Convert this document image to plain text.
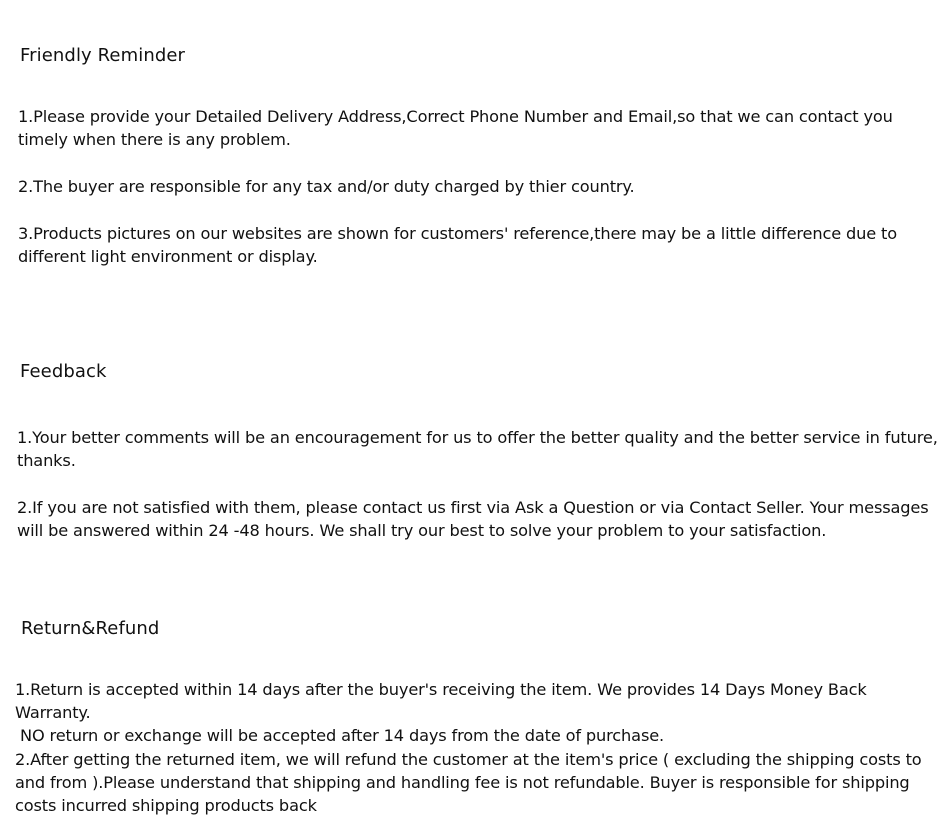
Friendly Reminder
1.Please provide your Detailed Delivery Address,Correct Phone Number and Email,so that we can contact you timely when there is any problem.
2.The buyer are responsible for any tax and/or duty charged by thier country.
3.Products pictures on our websites are shown for customers' reference,there may be a little difference due to different light environment or display.
Feedback
1.Your better comments will be an encouragement for us to offer the better quality and the better service in future, thanks.
2.If you are not satisfied with them, please contact us first via Ask a Question or via Contact Seller. Your messages will be answered within 24 -48 hours. We shall try our best to solve your problem to your satisfaction.
Return&Refund
1.Return is accepted within 14 days after the buyer's receiving the item. We provides 14 Days Money Back Warranty.
NO return or exchange will be accepted after 14 days from the date of purchase.
2.After getting the returned item, we will refund the customer at the item's price ( excluding the shipping costs to and from ).Please understand that shipping and handling fee is not refundable. Buyer is responsible for shipping costs incurred shipping products back
